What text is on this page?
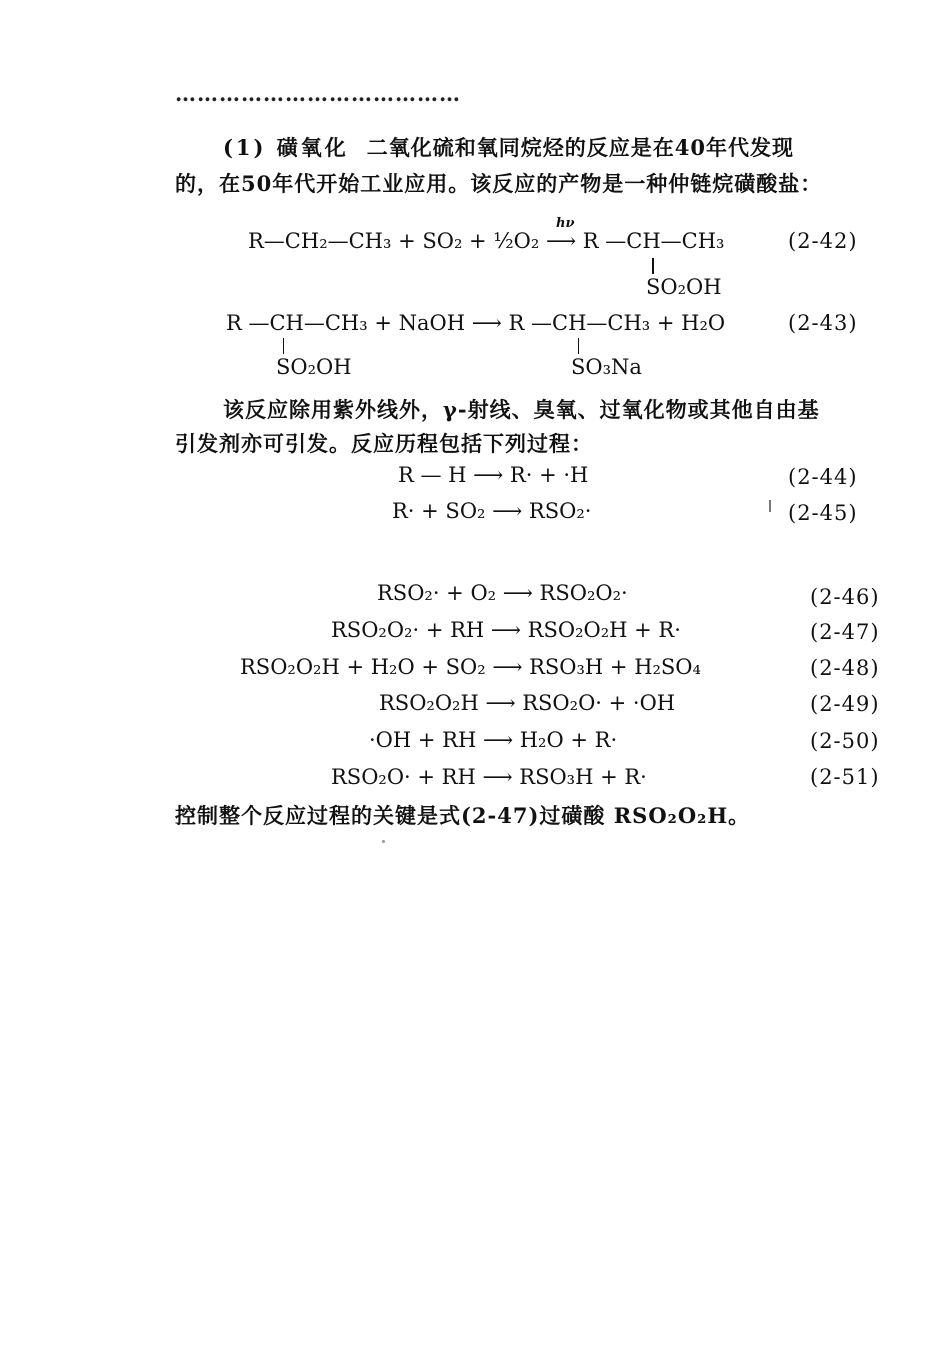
…………………………………
(1) 磺氧化 二氧化硫和氧同烷烃的反应是在40年代发现
的，在50年代开始工业应用。该反应的产物是一种仲链烷磺酸盐：
R—CH₂—CH₃ + SO₂ + ½O₂ ⟶ R —CH—CH₃
hν
SO₂OH
(2-42)
R —CH—CH₃ + NaOH ⟶ R —CH—CH₃ + H₂O
SO₂OH	SO₃Na
(2-43)
该反应除用紫外线外，γ-射线、臭氧、过氧化物或其他自由基
引发剂亦可引发。反应历程包括下列过程：
R — H ⟶ R· + ·H	(2-44)
R· + SO₂ ⟶ RSO₂·	(2-45)
RSO₂· + O₂ ⟶ RSO₂O₂·	(2-46)
RSO₂O₂· + RH ⟶ RSO₂O₂H + R·	(2-47)
RSO₂O₂H + H₂O + SO₂ ⟶ RSO₃H + H₂SO₄	(2-48)
RSO₂O₂H ⟶ RSO₂O· + ·OH	(2-49)
·OH + RH ⟶ H₂O + R·	(2-50)
RSO₂O· + RH ⟶ RSO₃H + R·	(2-51)
控制整个反应过程的关键是式(2-47)过磺酸 RSO₂O₂H。
